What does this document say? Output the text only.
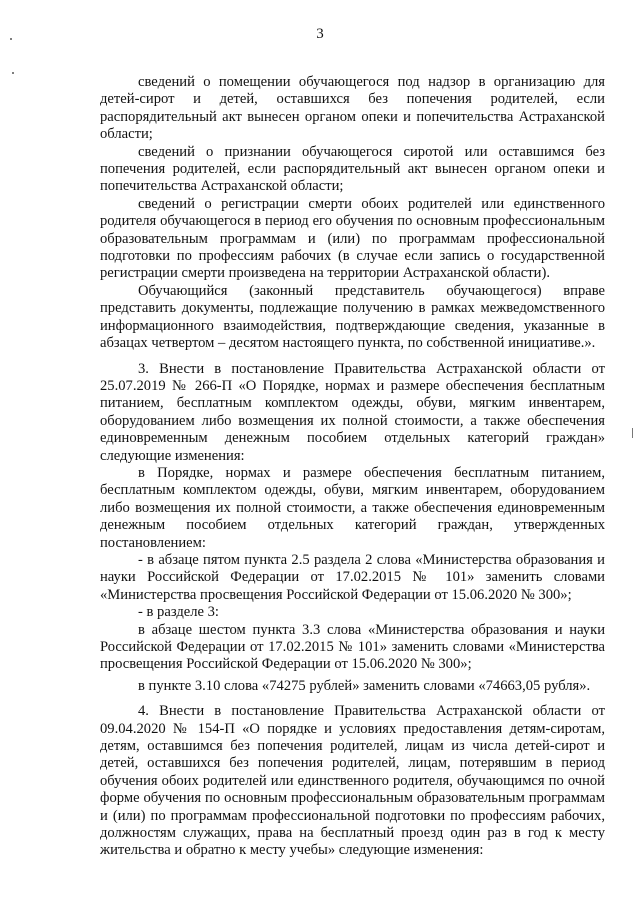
3

сведений о помещении обучающегося под надзор в организацию для детей-сирот и детей, оставшихся без попечения родителей, если распорядительный акт вынесен органом опеки и попечительства Астраханской области;

сведений о признании обучающегося сиротой или оставшимся без попечения родителей, если распорядительный акт вынесен органом опеки и попечительства Астраханской области;

сведений о регистрации смерти обоих родителей или единственного родителя обучающегося в период его обучения по основным профессиональным образовательным программам и (или) по программам профессиональной подготовки по профессиям рабочих (в случае если запись о государственной регистрации смерти произведена на территории Астраханской области).

Обучающийся (законный представитель обучающегося) вправе представить документы, подлежащие получению в рамках межведомственного информационного взаимодействия, подтверждающие сведения, указанные в абзацах четвертом – десятом настоящего пункта, по собственной инициативе.».

3. Внести в постановление Правительства Астраханской области от 25.07.2019 № 266-П «О Порядке, нормах и размере обеспечения бесплатным питанием, бесплатным комплектом одежды, обуви, мягким инвентарем, оборудованием либо возмещения их полной стоимости, а также обеспечения единовременным денежным пособием отдельных категорий граждан» следующие изменения:

в Порядке, нормах и размере обеспечения бесплатным питанием, бесплатным комплектом одежды, обуви, мягким инвентарем, оборудованием либо возмещения их полной стоимости, а также обеспечения единовременным денежным пособием отдельных категорий граждан, утвержденных постановлением:

- в абзаце пятом пункта 2.5 раздела 2 слова «Министерства образования и науки Российской Федерации от 17.02.2015 № 101» заменить словами «Министерства просвещения Российской Федерации от 15.06.2020 № 300»;

- в разделе 3:

в абзаце шестом пункта 3.3 слова «Министерства образования и науки Российской Федерации от 17.02.2015 № 101» заменить словами «Министерства просвещения Российской Федерации от 15.06.2020 № 300»;

в пункте 3.10 слова «74275 рублей» заменить словами «74663,05 рубля».

4. Внести в постановление Правительства Астраханской области от 09.04.2020 № 154-П «О порядке и условиях предоставления детям-сиротам, детям, оставшимся без попечения родителей, лицам из числа детей-сирот и детей, оставшихся без попечения родителей, лицам, потерявшим в период обучения обоих родителей или единственного родителя, обучающимся по очной форме обучения по основным профессиональным образовательным программам и (или) по программам профессиональной подготовки по профессиям рабочих, должностям служащих, права на бесплатный проезд один раз в год к месту жительства и обратно к месту учебы» следующие изменения:
